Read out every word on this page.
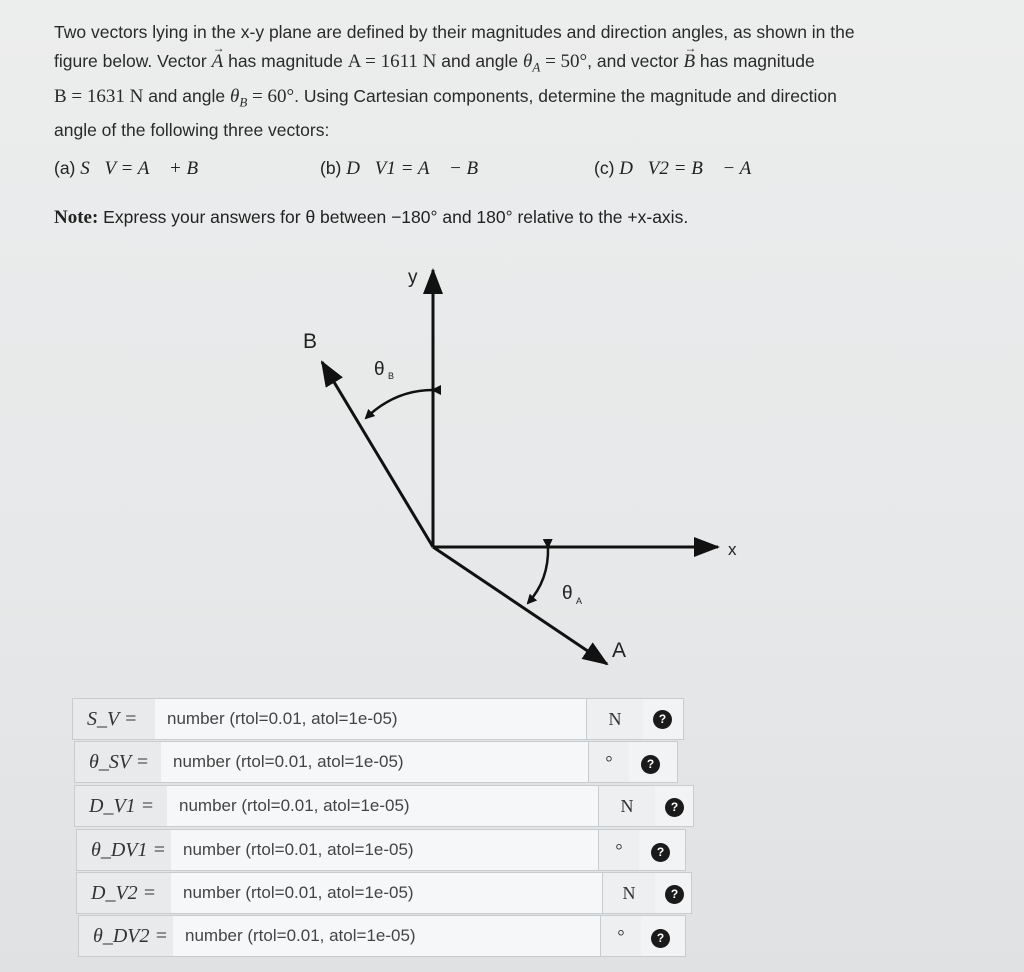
Two vectors lying in the x-y plane are defined by their magnitudes and direction angles, as shown in the

figure below. Vector → A has magnitude A = 1611 N and angle $\theta_A = 50^\circ$, and vector → B has magnitude

B = 1631 N and angle $\theta_B = 60^\circ$. Using Cartesian components, determine the magnitude and direction

angle of the following three vectors:

(a) S⃗V = A⃗ + B⃗	(b) D⃗V1 = A⃗ − B⃗	(c) D⃗V2 = B⃗ − A⃗
Note: Express your answers for θ between −180° and 180° relative to the +x-axis.
y
x
B
A
θ B
θ A
S_V =	number (rtol=0.01, atol=1e-05)	N	?
θ_SV =	number (rtol=0.01, atol=1e-05)	°	?
D_V1 =	number (rtol=0.01, atol=1e-05)	N	?
θ_DV1 =	number (rtol=0.01, atol=1e-05)	°	?
D_V2 =	number (rtol=0.01, atol=1e-05)	N	?
θ_DV2 =	number (rtol=0.01, atol=1e-05)	°	?
